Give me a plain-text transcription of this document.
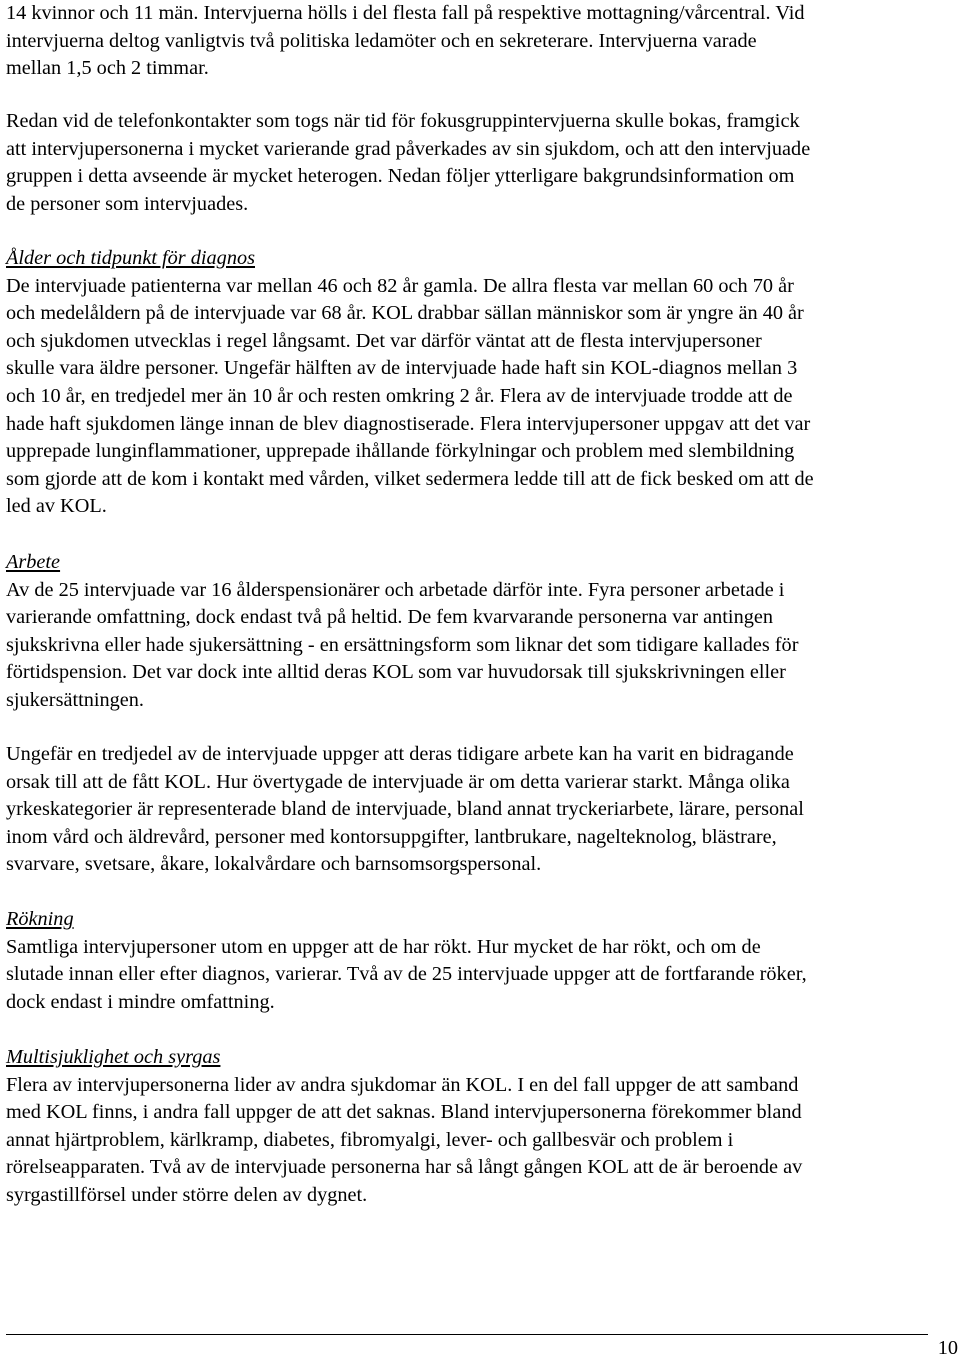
14 kvinnor och 11 män. Intervjuerna hölls i del flesta fall på respektive mottagning/vårcentral. Vid
intervjuerna deltog vanligtvis två politiska ledamöter och en sekreterare. Intervjuerna varade
mellan 1,5 och 2 timmar.
Redan vid de telefonkontakter som togs när tid för fokusgruppintervjuerna skulle bokas, framgick
att intervjupersonerna i mycket varierande grad påverkades av sin sjukdom, och att den intervjuade
gruppen i detta avseende är mycket heterogen. Nedan följer ytterligare bakgrundsinformation om
de personer som intervjuades.
Ålder och tidpunkt för diagnos
De intervjuade patienterna var mellan 46 och 82 år gamla. De allra flesta var mellan 60 och 70 år
och medelåldern på de intervjuade var 68 år. KOL drabbar sällan människor som är yngre än 40 år
och sjukdomen utvecklas i regel långsamt. Det var därför väntat att de flesta intervjupersoner
skulle vara äldre personer. Ungefär hälften av de intervjuade hade haft sin KOL-diagnos mellan 3
och 10 år, en tredjedel mer än 10 år och resten omkring 2 år. Flera av de intervjuade trodde att de
hade haft sjukdomen länge innan de blev diagnostiserade. Flera intervjupersoner uppgav att det var
upprepade lunginflammationer, upprepade ihållande förkylningar och problem med slembildning
som gjorde att de kom i kontakt med vården, vilket sedermera ledde till att de fick besked om att de
led av KOL.
Arbete
Av de 25 intervjuade var 16 ålderspensionärer och arbetade därför inte. Fyra personer arbetade i
varierande omfattning, dock endast två på heltid. De fem kvarvarande personerna var antingen
sjukskrivna eller hade sjukersättning - en ersättningsform som liknar det som tidigare kallades för
förtidspension. Det var dock inte alltid deras KOL som var huvudorsak till sjukskrivningen eller
sjukersättningen.
Ungefär en tredjedel av de intervjuade uppger att deras tidigare arbete kan ha varit en bidragande
orsak till att de fått KOL. Hur övertygade de intervjuade är om detta varierar starkt. Många olika
yrkeskategorier är representerade bland de intervjuade, bland annat tryckeriarbete, lärare, personal
inom vård och äldrevård, personer med kontorsuppgifter, lantbrukare, nagelteknolog, blästrare,
svarvare, svetsare, åkare, lokalvårdare och barnsomsorgspersonal.
Rökning
Samtliga intervjupersoner utom en uppger att de har rökt. Hur mycket de har rökt, och om de
slutade innan eller efter diagnos, varierar. Två av de 25 intervjuade uppger att de fortfarande röker,
dock endast i mindre omfattning.
Multisjuklighet och syrgas
Flera av intervjupersonerna lider av andra sjukdomar än KOL. I en del fall uppger de att samband
med KOL finns, i andra fall uppger de att det saknas. Bland intervjupersonerna förekommer bland
annat hjärtproblem, kärlkramp, diabetes, fibromyalgi, lever- och gallbesvär och problem i
rörelseapparaten. Två av de intervjuade personerna har så långt gången KOL att de är beroende av
syrgastillförsel under större delen av dygnet.
10
